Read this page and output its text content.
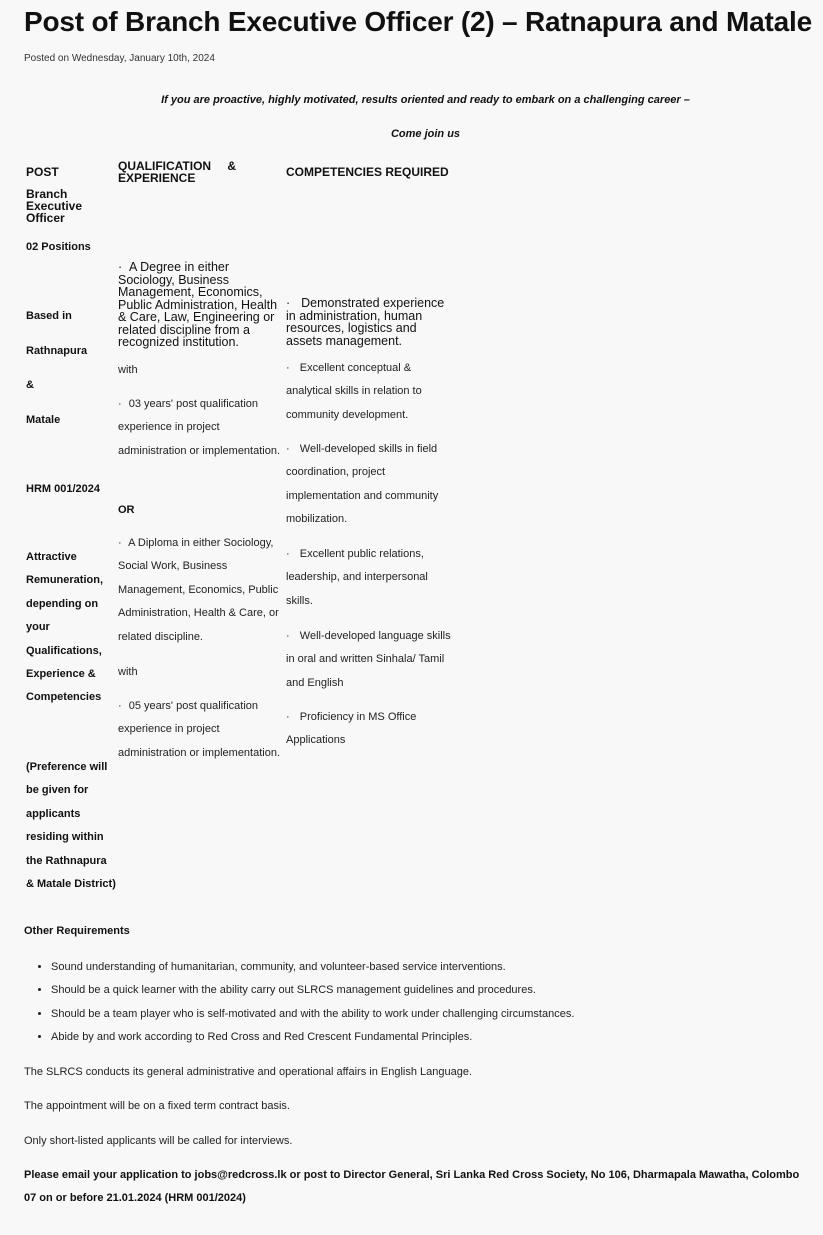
Post of Branch Executive Officer (2) – Ratnapura and Matale
Posted on Wednesday, January 10th, 2024
If you are proactive, highly motivated, results oriented and ready to embark on a challenging career –
Come join us
POST
Branch Executive Officer
02 Positions
Based in
Rathnapura
&
Matale
HRM 001/2024
Attractive Remuneration, depending on your Qualifications, Experience & Competencies
(Preference will be given for applicants residing within the Rathnapura & Matale District)
QUALIFICATION & EXPERIENCE
· A Degree in either Sociology, Business Management, Economics, Public Administration, Health & Care, Law, Engineering or related discipline from a recognized institution.
with
· 03 years' post qualification experience in project administration or implementation.
OR
· A Diploma in either Sociology, Social Work, Business Management, Economics, Public Administration, Health & Care, or related discipline.
with
· 05 years' post qualification experience in project administration or implementation.
COMPETENCIES REQUIRED
· Demonstrated experience in administration, human resources, logistics and assets management.
· Excellent conceptual & analytical skills in relation to community development.
· Well-developed skills in field coordination, project implementation and community mobilization.
· Excellent public relations, leadership, and interpersonal skills.
· Well-developed language skills in oral and written Sinhala/ Tamil and English
· Proficiency in MS Office Applications
Other Requirements
• Sound understanding of humanitarian, community, and volunteer-based service interventions.
• Should be a quick learner with the ability carry out SLRCS management guidelines and procedures.
• Should be a team player who is self-motivated and with the ability to work under challenging circumstances.
• Abide by and work according to Red Cross and Red Crescent Fundamental Principles.
The SLRCS conducts its general administrative and operational affairs in English Language.
The appointment will be on a fixed term contract basis.
Only short-listed applicants will be called for interviews.
Please email your application to jobs@redcross.lk or post to Director General, Sri Lanka Red Cross Society, No 106, Dharmapala Mawatha, Colombo 07 on or before 21.01.2024 (HRM 001/2024)
